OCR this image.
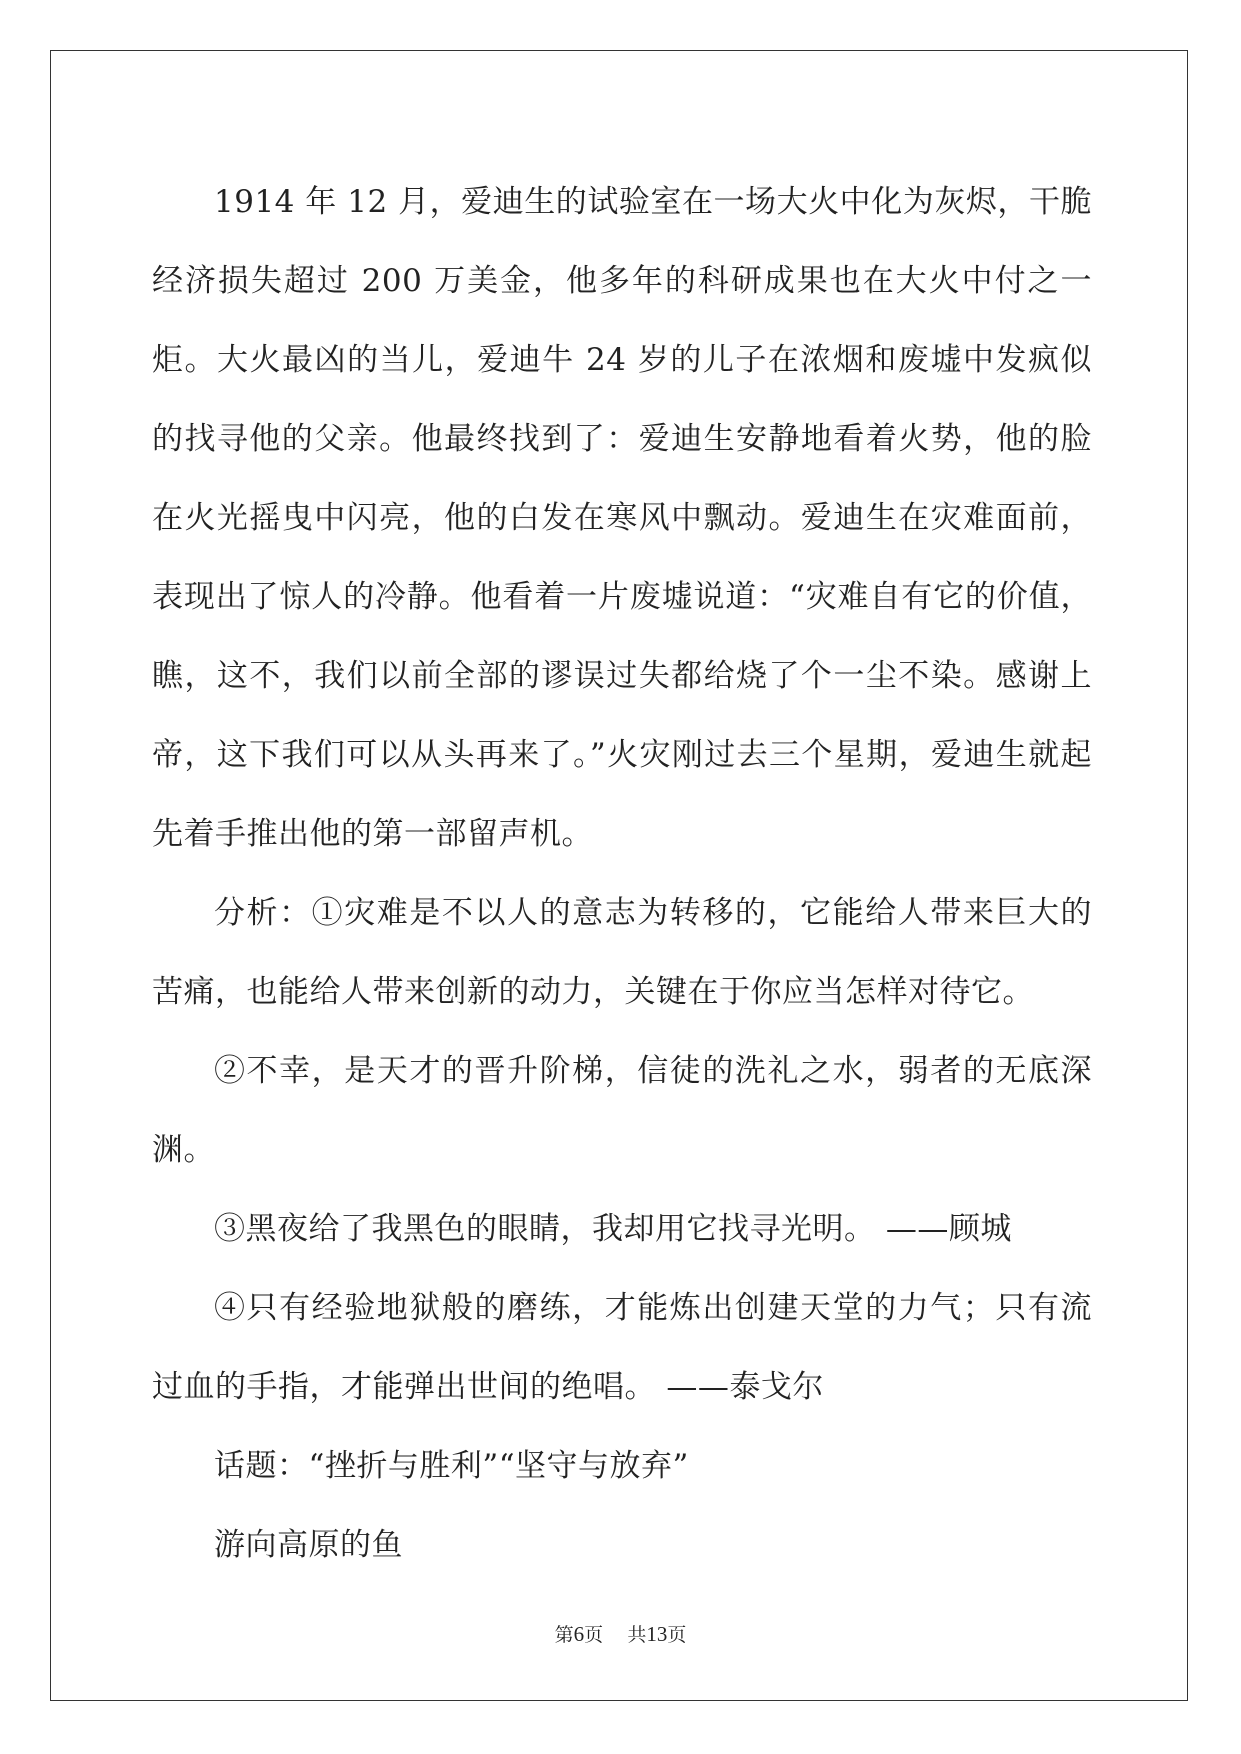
1914 年 12 月，爱迪生的试验室在一场大火中化为灰烬，干脆经济损失超过 200 万美金，他多年的科研成果也在大火中付之一炬。大火最凶的当儿，爱迪牛 24 岁的儿子在浓烟和废墟中发疯似的找寻他的父亲。他最终找到了：爱迪生安静地看着火势，他的脸在火光摇曳中闪亮，他的白发在寒风中飘动。爱迪生在灾难面前，表现出了惊人的冷静。他看着一片废墟说道：“灾难自有它的价值，瞧，这不，我们以前全部的谬误过失都给烧了个一尘不染。感谢上帝，这下我们可以从头再来了。”火灾刚过去三个星期，爱迪生就起先着手推出他的第一部留声机。

分析：①灾难是不以人的意志为转移的，它能给人带来巨大的苦痛，也能给人带来创新的动力，关键在于你应当怎样对待它。

②不幸，是天才的晋升阶梯，信徒的洗礼之水，弱者的无底深渊。

③黑夜给了我黑色的眼睛，我却用它找寻光明。 ——顾城

④只有经验地狱般的磨练，才能炼出创建天堂的力气；只有流过血的手指，才能弹出世间的绝唱。 ——泰戈尔

话题：“挫折与胜利”“坚守与放弃”

游向高原的鱼

第6页 共13页
